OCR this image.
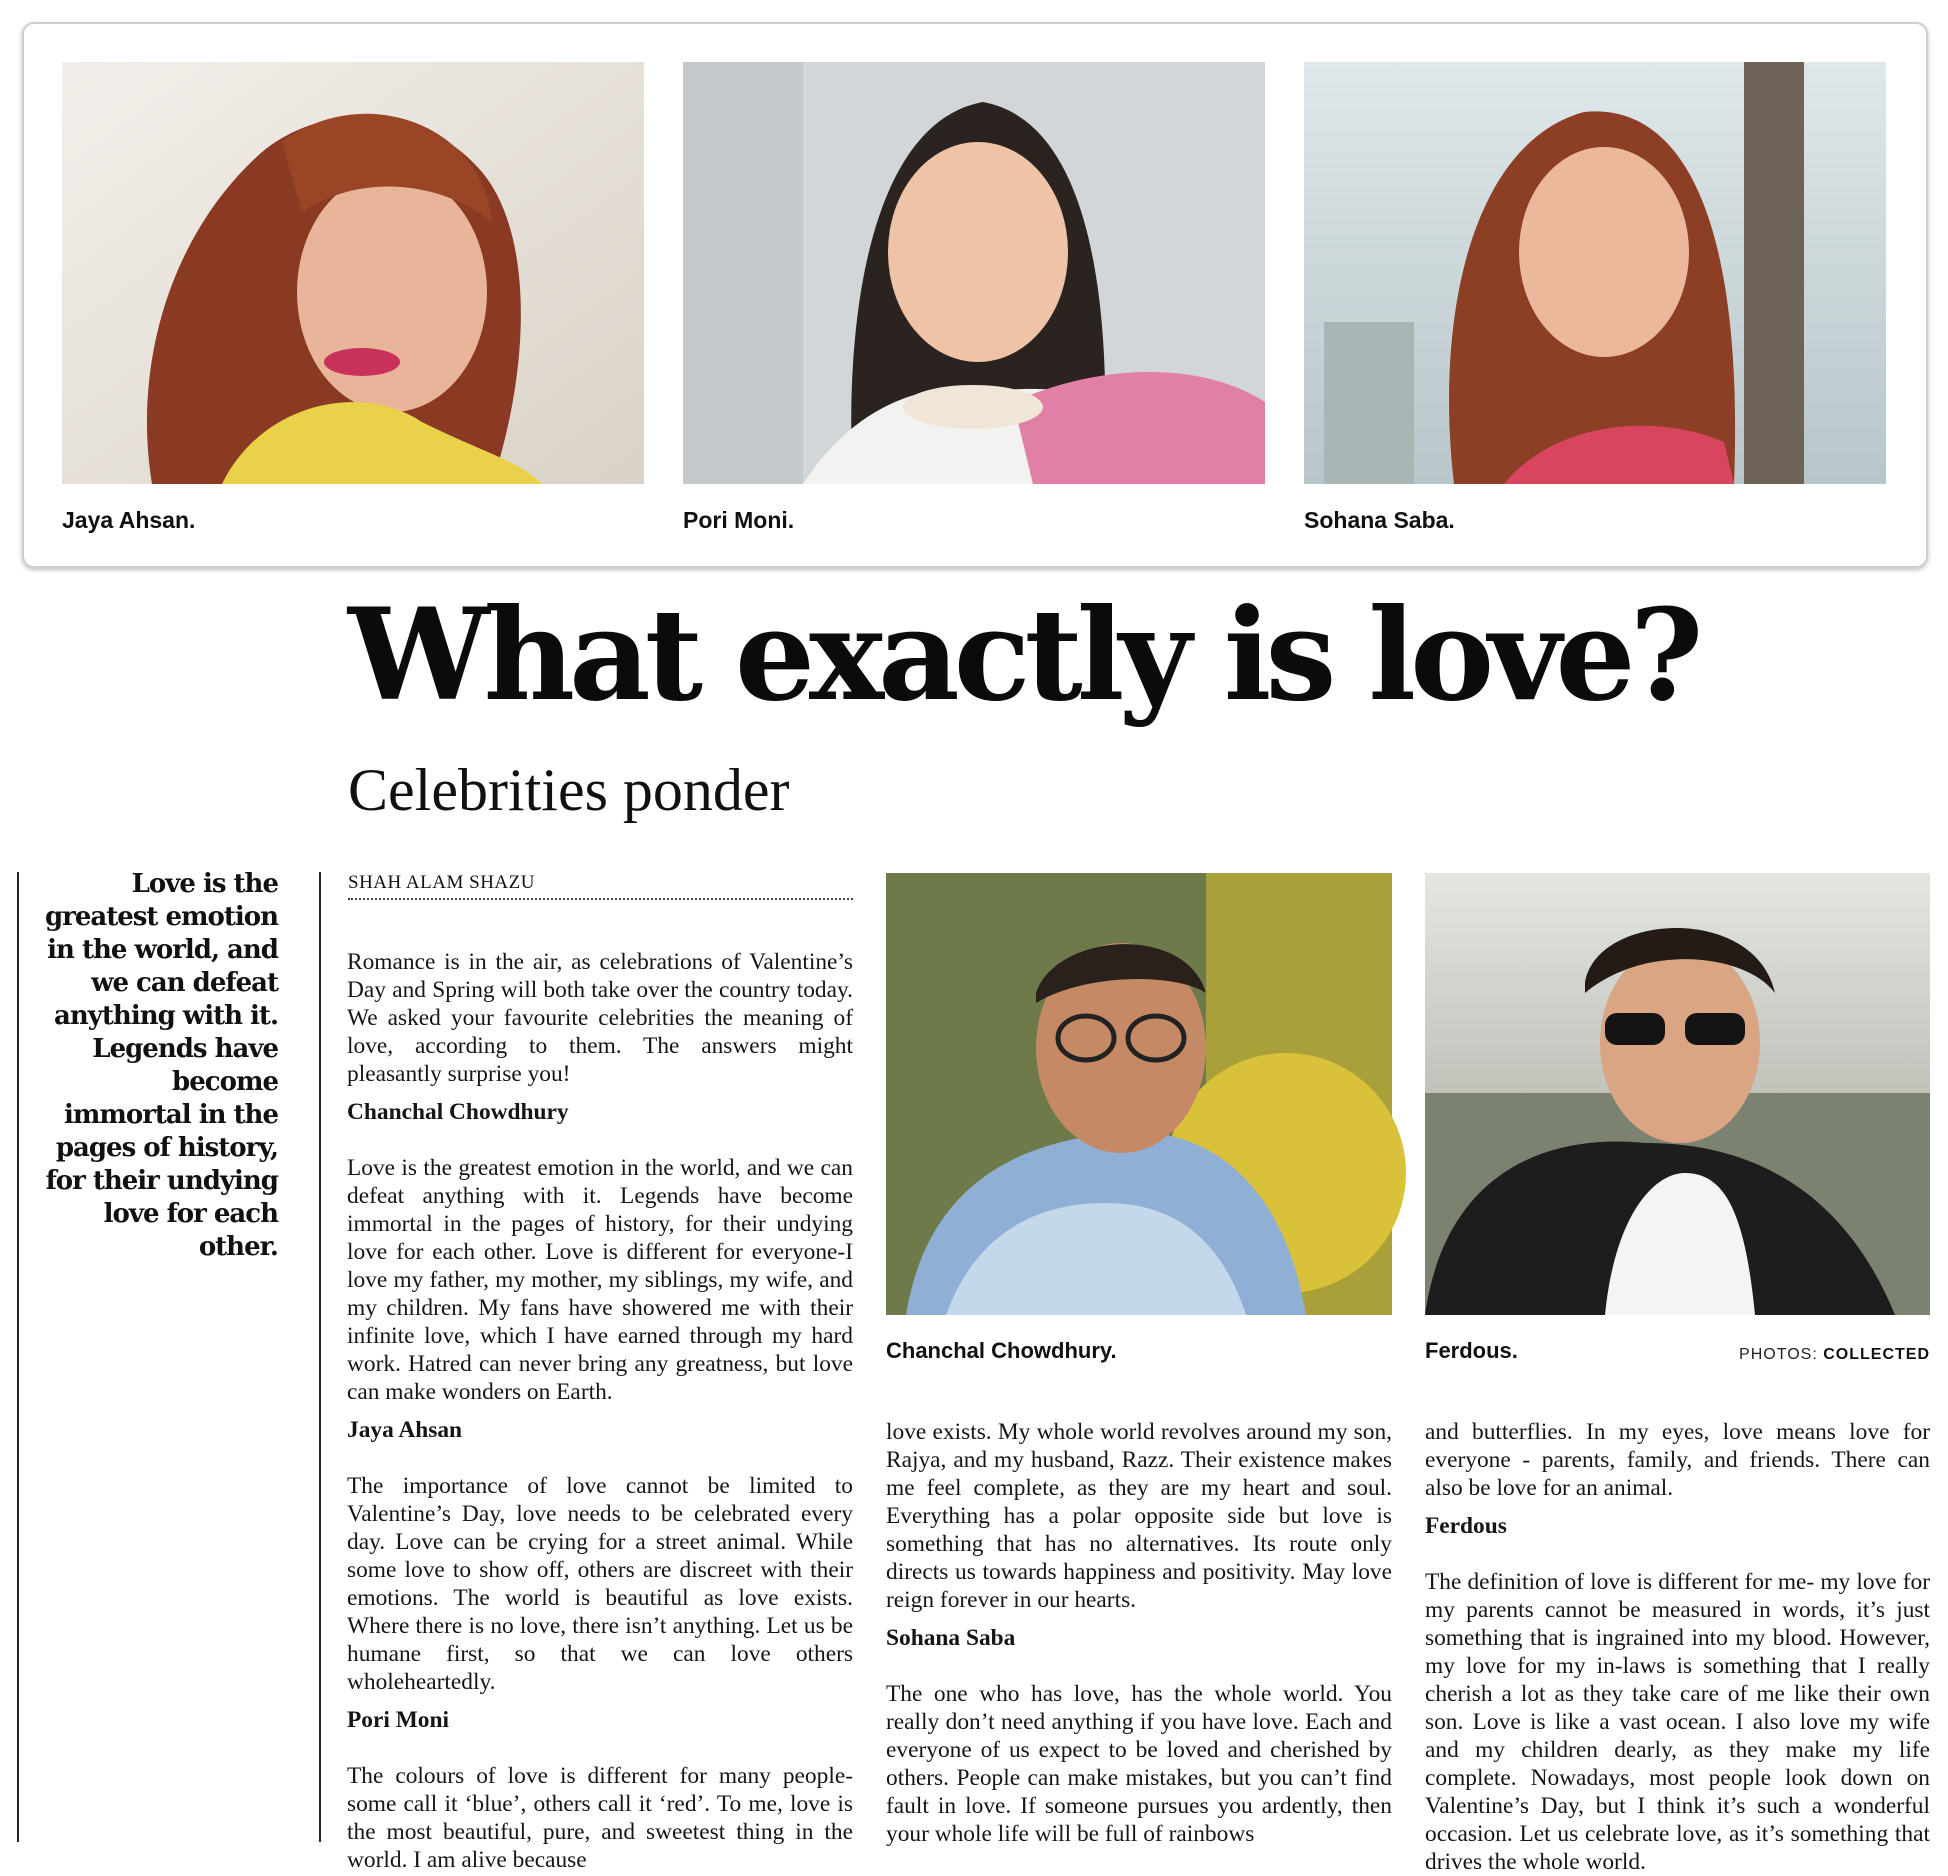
Jaya Ahsan.	Pori Moni.	Sohana Saba.
What exactly is love?
Celebrities ponder

Love is the greatest emotion in the world, and we can defeat anything with it. Legends have become immortal in the pages of history, for their undying love for each other.

SHAH ALAM SHAZU

Romance is in the air, as celebrations of Valentine’s Day and Spring will both take over the country today. We asked your favourite celebrities the meaning of love, according to them. The answers might pleasantly surprise you!

Chanchal Chowdhury

Love is the greatest emotion in the world, and we can defeat anything with it. Legends have become immortal in the pages of history, for their undying love for each other. Love is different for everyone-I love my father, my mother, my siblings, my wife, and my children. My fans have showered me with their infinite love, which I have earned through my hard work. Hatred can never bring any greatness, but love can make wonders on Earth.

Jaya Ahsan

The importance of love cannot be limited to Valentine’s Day, love needs to be celebrated every day. Love can be crying for a street animal. While some love to show off, others are discreet with their emotions. The world is beautiful as love exists. Where there is no love, there isn’t anything. Let us be humane first, so that we can love others wholeheartedly.

Pori Moni

The colours of love is different for many people- some call it ‘blue’, others call it ‘red’. To me, love is the most beautiful, pure, and sweetest thing in the world. I am alive because

Chanchal Chowdhury.	Ferdous.	PHOTOS: COLLECTED

love exists. My whole world revolves around my son, Rajya, and my husband, Razz. Their existence makes me feel complete, as they are my heart and soul. Everything has a polar opposite side but love is something that has no alternatives. Its route only directs us towards happiness and positivity. May love reign forever in our hearts.

Sohana Saba

The one who has love, has the whole world. You really don’t need anything if you have love. Each and everyone of us expect to be loved and cherished by others. People can make mistakes, but you can’t find fault in love. If someone pursues you ardently, then your whole life will be full of rainbows

and butterflies. In my eyes, love means love for everyone - parents, family, and friends. There can also be love for an animal.

Ferdous

The definition of love is different for me- my love for my parents cannot be measured in words, it’s just something that is ingrained into my blood. However, my love for my in-laws is something that I really cherish a lot as they take care of me like their own son. Love is like a vast ocean. I also love my wife and my children dearly, as they make my life complete. Nowadays, most people look down on Valentine’s Day, but I think it’s such a wonderful occasion. Let us celebrate love, as it’s something that drives the whole world.
